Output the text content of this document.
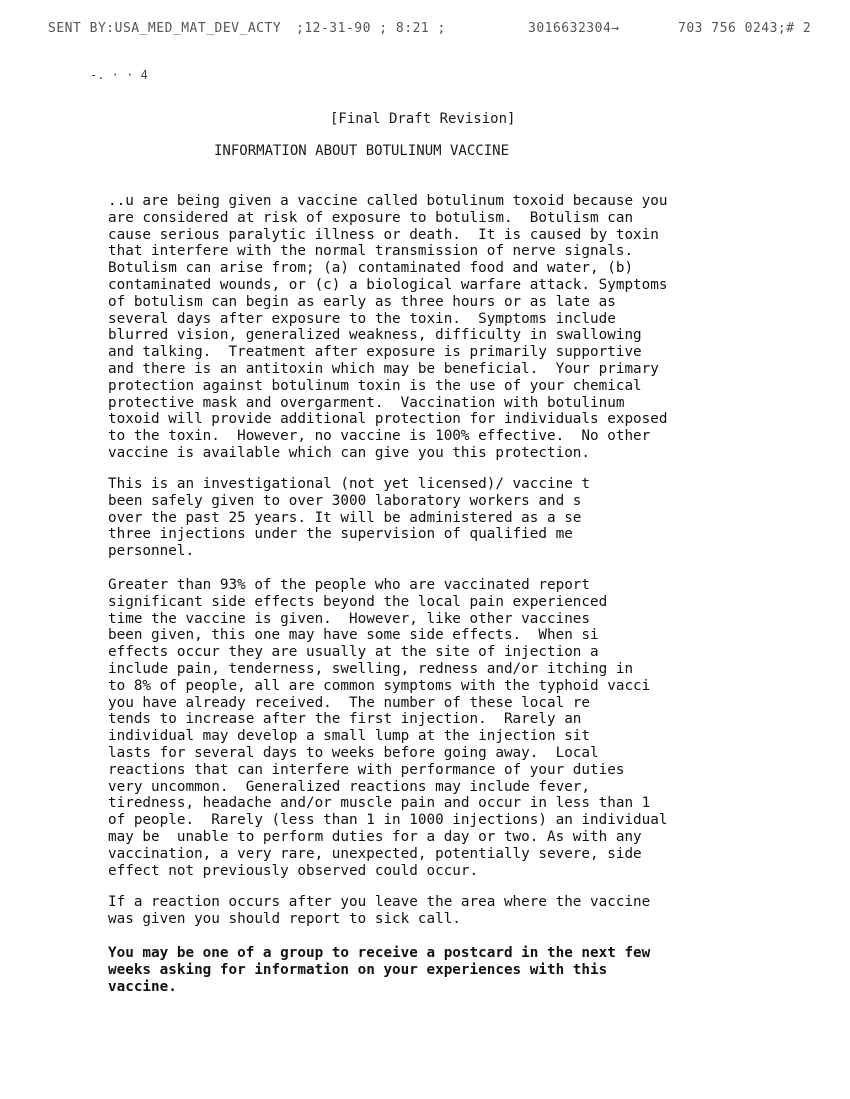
SENT BY:USA_MED_MAT_DEV_ACTY ;12-31-90 ; 8:21 ;	3016632304→	703 756 0243;# 2
-. · · 4
[Final Draft Revision]
INFORMATION ABOUT BOTULINUM VACCINE
..u are being given a vaccine called botulinum toxoid because you
are considered at risk of exposure to botulism.  Botulism can
cause serious paralytic illness or death.  It is caused by toxin
that interfere with the normal transmission of nerve signals.
Botulism can arise from; (a) contaminated food and water, (b)
contaminated wounds, or (c) a biological warfare attack. Symptoms
of botulism can begin as early as three hours or as late as
several days after exposure to the toxin.  Symptoms include
blurred vision, generalized weakness, difficulty in swallowing
and talking.  Treatment after exposure is primarily supportive
and there is an antitoxin which may be beneficial.  Your primary
protection against botulinum toxin is the use of your chemical
protective mask and overgarment.  Vaccination with botulinum
toxoid will provide additional protection for individuals exposed
to the toxin.  However, no vaccine is 100% effective.  No other
vaccine is available which can give you this protection.
This is an investigational (not yet licensed)/ vaccine t
been safely given to over 3000 laboratory workers and s
over the past 25 years. It will be administered as a se
three injections under the supervision of qualified me
personnel.
Greater than 93% of the people who are vaccinated report
significant side effects beyond the local pain experienced
time the vaccine is given.  However, like other vaccines
been given, this one may have some side effects.  When si
effects occur they are usually at the site of injection a
include pain, tenderness, swelling, redness and/or itching in
to 8% of people, all are common symptoms with the typhoid vacci
you have already received.  The number of these local re
tends to increase after the first injection.  Rarely an
individual may develop a small lump at the injection sit
lasts for several days to weeks before going away.  Local
reactions that can interfere with performance of your duties
very uncommon.  Generalized reactions may include fever,
tiredness, headache and/or muscle pain and occur in less than 1
of people.  Rarely (less than 1 in 1000 injections) an individual
may be  unable to perform duties for a day or two. As with any
vaccination, a very rare, unexpected, potentially severe, side
effect not previously observed could occur.
If a reaction occurs after you leave the area where the vaccine
was given you should report to sick call.
You may be one of a group to receive a postcard in the next few
weeks asking for information on your experiences with this
vaccine.
